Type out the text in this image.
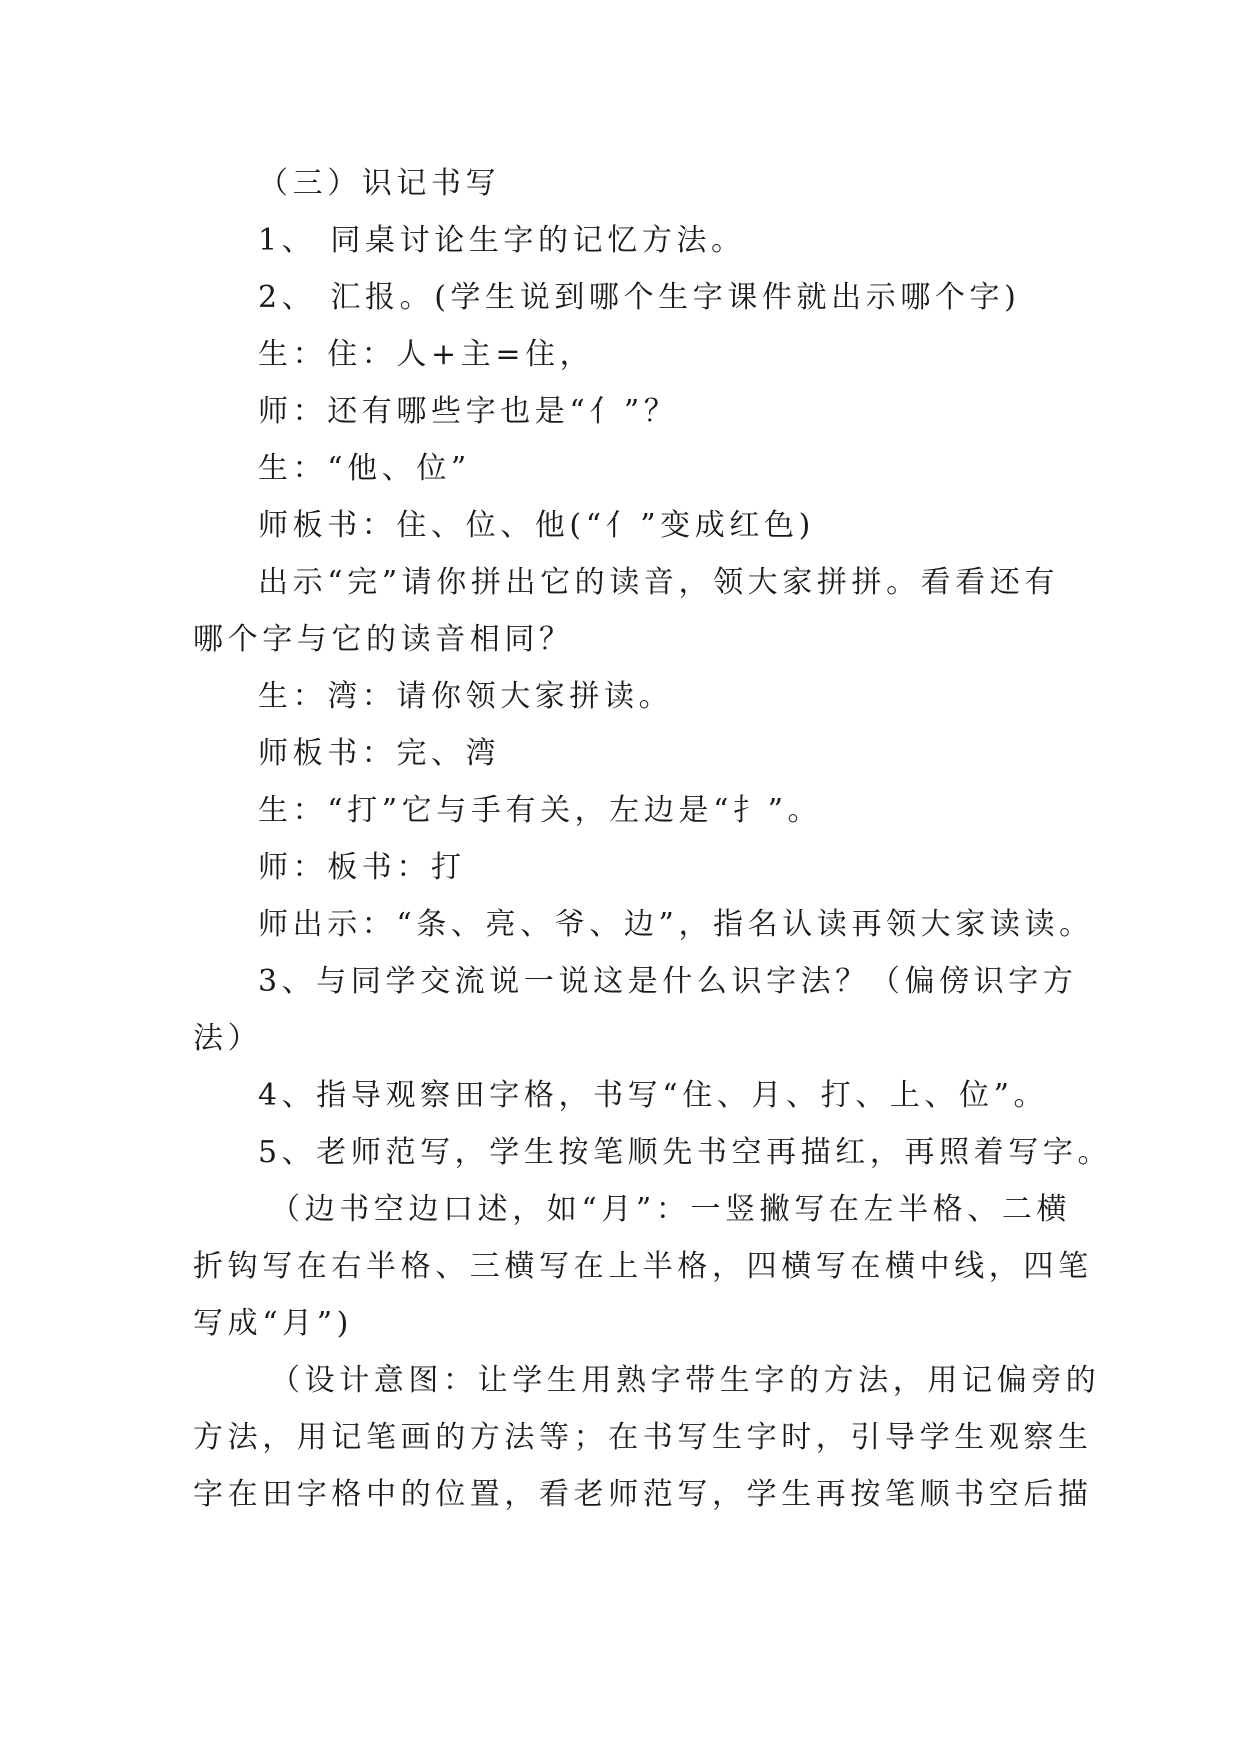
（三）识记书写
1、 同桌讨论生字的记忆方法。
2、 汇报。(学生说到哪个生字课件就出示哪个字)
生：住：人+主=住，
师：还有哪些字也是“亻”？
生：“他、位”
师板书：住、位、他(“亻”变成红色)
出示“完”请你拼出它的读音，领大家拼拼。看看还有
哪个字与它的读音相同？
生：湾：请你领大家拼读。
师板书：完、湾
生：“打”它与手有关，左边是“扌”。
师：板书：打
师出示：“条、亮、爷、边”，指名认读再领大家读读。
3、与同学交流说一说这是什么识字法？（偏傍识字方
法）
4、指导观察田字格，书写“住、月、打、上、位”。
5、老师范写，学生按笔顺先书空再描红，再照着写字。
（边书空边口述，如“月”：一竖撇写在左半格、二横
折钩写在右半格、三横写在上半格，四横写在横中线，四笔
写成“月”)
（设计意图：让学生用熟字带生字的方法，用记偏旁的
方法，用记笔画的方法等；在书写生字时，引导学生观察生
字在田字格中的位置，看老师范写，学生再按笔顺书空后描
